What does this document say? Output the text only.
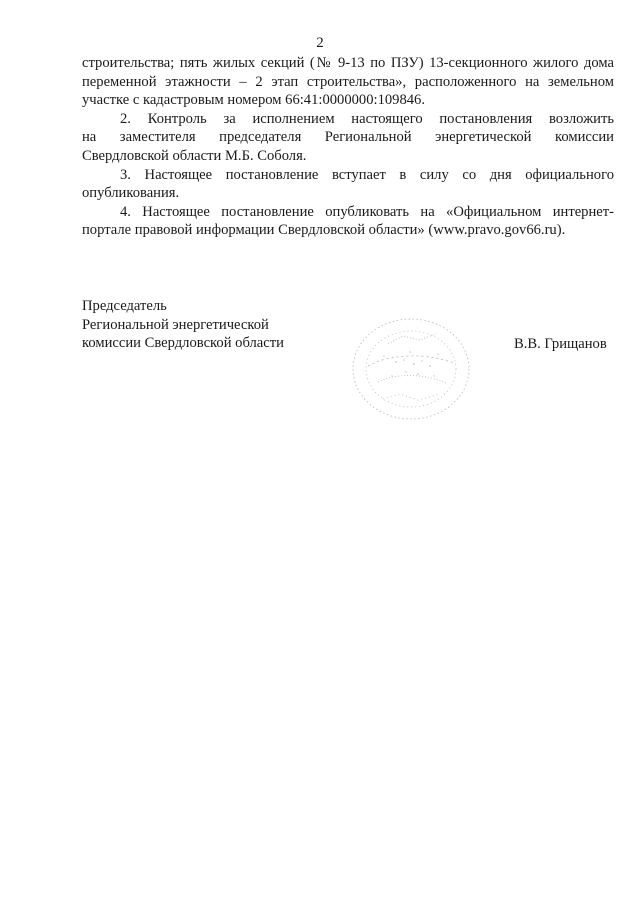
2
строительства; пять жилых секций (№ 9-13 по ПЗУ) 13-секционного жилого дома
переменной этажности – 2 этап строительства», расположенного на земельном
участке с кадастровым номером 66:41:0000000:109846.
2. Контроль за исполнением настоящего постановления возложить
на заместителя председателя Региональной энергетической комиссии
Свердловской области М.Б. Соболя.
3. Настоящее постановление вступает в силу со дня официального
опубликования.
4. Настоящее постановление опубликовать на «Официальном интернет-
портале правовой информации Свердловской области» (www.pravo.gov66.ru).
Председатель
Региональной энергетической
комиссии Свердловской области	В.В. Грищанов
